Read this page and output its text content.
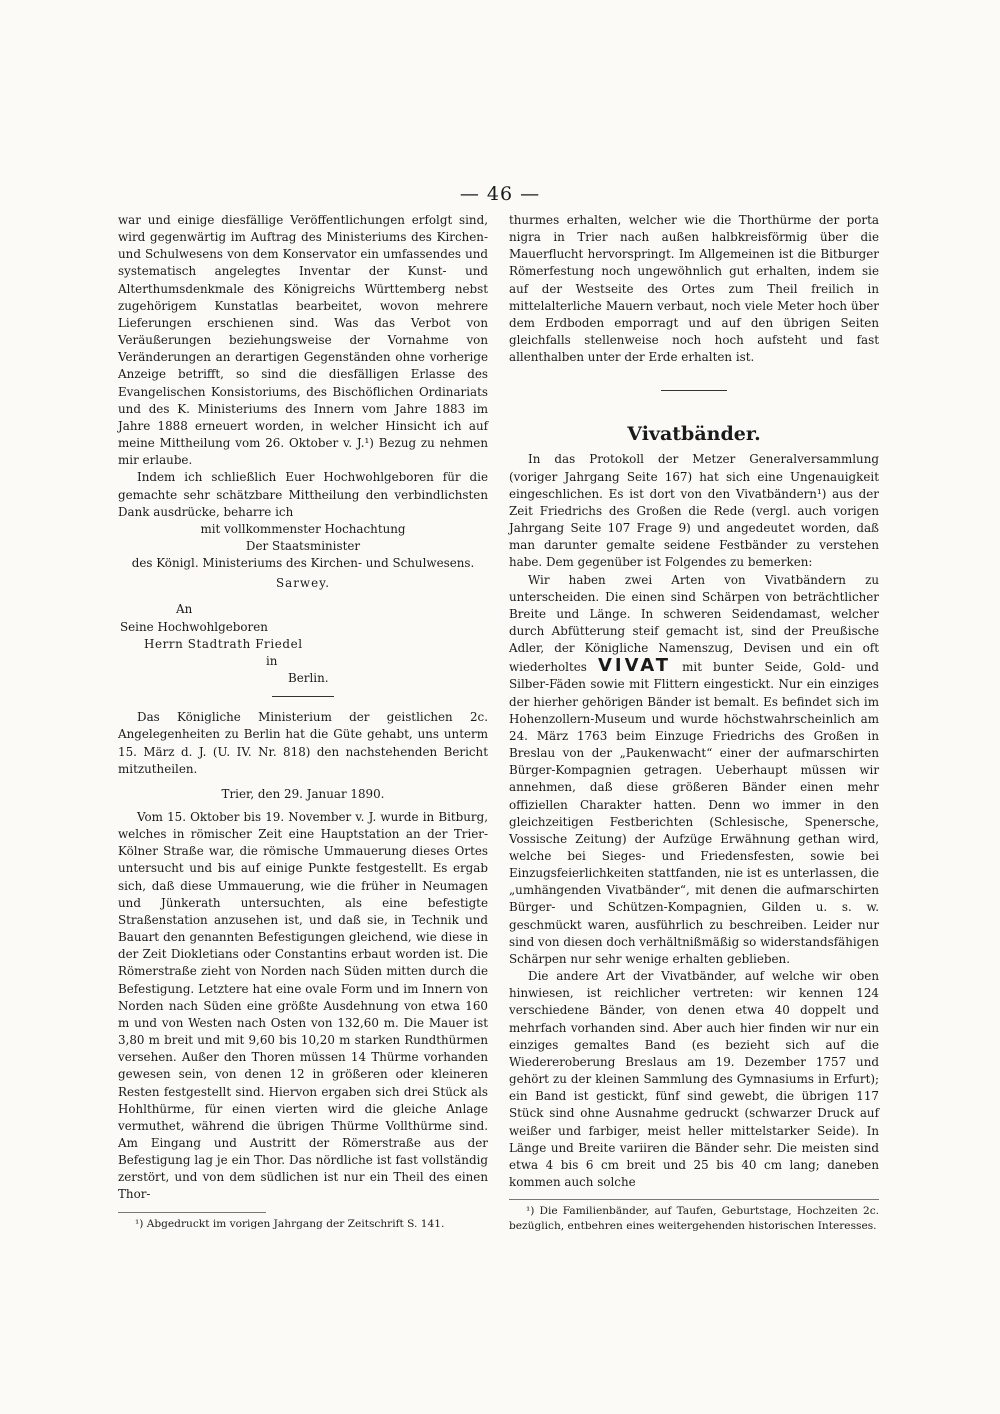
— 46 —

war und einige diesfällige Veröffentlichungen erfolgt sind, wird gegenwärtig im Auftrag des Ministeriums des Kirchen- und Schulwesens von dem Konservator ein umfassendes und systematisch angelegtes Inventar der Kunst- und Alterthumsdenkmale des Königreichs Württemberg nebst zugehörigem Kunstatlas bearbeitet, wovon mehrere Lieferungen erschienen sind. Was das Verbot von Veräußerungen beziehungsweise der Vornahme von Veränderungen an derartigen Gegenständen ohne vorherige Anzeige betrifft, so sind die diesfälligen Erlasse des Evangelischen Konsistoriums, des Bischöflichen Ordinariats und des K. Ministeriums des Innern vom Jahre 1883 im Jahre 1888 erneuert worden, in welcher Hinsicht ich auf meine Mittheilung vom 26. Oktober v. J.¹) Bezug zu nehmen mir erlaube.

Indem ich schließlich Euer Hochwohlgeboren für die gemachte sehr schätzbare Mittheilung den verbindlichsten Dank ausdrücke, beharre ich

mit vollkommenster Hochachtung

Der Staatsminister

des Königl. Ministeriums des Kirchen- und Schulwesens.

Sarwey.

An

Seine Hochwohlgeboren

Herrn Stadtrath Friedel

in

Berlin.

Das Königliche Ministerium der geistlichen 2c. Angelegenheiten zu Berlin hat die Güte gehabt, uns unterm 15. März d. J. (U. IV. Nr. 818) den nachstehenden Bericht mitzutheilen.

Trier, den 29. Januar 1890.

Vom 15. Oktober bis 19. November v. J. wurde in Bitburg, welches in römischer Zeit eine Hauptstation an der Trier-Kölner Straße war, die römische Ummauerung dieses Ortes untersucht und bis auf einige Punkte festgestellt. Es ergab sich, daß diese Ummauerung, wie die früher in Neumagen und Jünkerath untersuchten, als eine befestigte Straßenstation anzusehen ist, und daß sie, in Technik und Bauart den genannten Befestigungen gleichend, wie diese in der Zeit Diokletians oder Constantins erbaut worden ist. Die Römerstraße zieht von Norden nach Süden mitten durch die Befestigung. Letztere hat eine ovale Form und im Innern von Norden nach Süden eine größte Ausdehnung von etwa 160 m und von Westen nach Osten von 132,60 m. Die Mauer ist 3,80 m breit und mit 9,60 bis 10,20 m starken Rundthürmen versehen. Außer den Thoren müssen 14 Thürme vorhanden gewesen sein, von denen 12 in größeren oder kleineren Resten festgestellt sind. Hiervon ergaben sich drei Stück als Hohlthürme, für einen vierten wird die gleiche Anlage vermuthet, während die übrigen Thürme Vollthürme sind. Am Eingang und Austritt der Römerstraße aus der Befestigung lag je ein Thor. Das nördliche ist fast vollständig zerstört, und von dem südlichen ist nur ein Theil des einen Thor-

¹) Abgedruckt im vorigen Jahrgang der Zeitschrift S. 141.

thurmes erhalten, welcher wie die Thorthürme der porta nigra in Trier nach außen halbkreisförmig über die Mauerflucht hervorspringt. Im Allgemeinen ist die Bitburger Römerfestung noch ungewöhnlich gut erhalten, indem sie auf der Westseite des Ortes zum Theil freilich in mittelalterliche Mauern verbaut, noch viele Meter hoch über dem Erdboden emporragt und auf den übrigen Seiten gleichfalls stellenweise noch hoch aufsteht und fast allenthalben unter der Erde erhalten ist.

Vivatbänder.

In das Protokoll der Metzer Generalversammlung (voriger Jahrgang Seite 167) hat sich eine Ungenauigkeit eingeschlichen. Es ist dort von den Vivatbändern¹) aus der Zeit Friedrichs des Großen die Rede (vergl. auch vorigen Jahrgang Seite 107 Frage 9) und angedeutet worden, daß man darunter gemalte seidene Festbänder zu verstehen habe. Dem gegenüber ist Folgendes zu bemerken:

Wir haben zwei Arten von Vivatbändern zu unterscheiden. Die einen sind Schärpen von beträchtlicher Breite und Länge. In schweren Seidendamast, welcher durch Abfütterung steif gemacht ist, sind der Preußische Adler, der Königliche Namenszug, Devisen und ein oft wiederholtes VIVAT mit bunter Seide, Gold- und Silber-Fäden sowie mit Flittern eingestickt. Nur ein einziges der hierher gehörigen Bänder ist bemalt. Es befindet sich im Hohenzollern-Museum und wurde höchstwahrscheinlich am 24. März 1763 beim Einzuge Friedrichs des Großen in Breslau von der „Paukenwacht“ einer der aufmarschirten Bürger-Kompagnien getragen. Ueberhaupt müssen wir annehmen, daß diese größeren Bänder einen mehr offiziellen Charakter hatten. Denn wo immer in den gleichzeitigen Festberichten (Schlesische, Spenersche, Vossische Zeitung) der Aufzüge Erwähnung gethan wird, welche bei Sieges- und Friedensfesten, sowie bei Einzugsfeierlichkeiten stattfanden, nie ist es unterlassen, die „umhängenden Vivatbänder“, mit denen die aufmarschirten Bürger- und Schützen-Kompagnien, Gilden u. s. w. geschmückt waren, ausführlich zu beschreiben. Leider nur sind von diesen doch verhältnißmäßig so widerstandsfähigen Schärpen nur sehr wenige erhalten geblieben.

Die andere Art der Vivatbänder, auf welche wir oben hinwiesen, ist reichlicher vertreten: wir kennen 124 verschiedene Bänder, von denen etwa 40 doppelt und mehrfach vorhanden sind. Aber auch hier finden wir nur ein einziges gemaltes Band (es bezieht sich auf die Wiedereroberung Breslaus am 19. Dezember 1757 und gehört zu der kleinen Sammlung des Gymnasiums in Erfurt); ein Band ist gestickt, fünf sind gewebt, die übrigen 117 Stück sind ohne Ausnahme gedruckt (schwarzer Druck auf weißer und farbiger, meist heller mittelstarker Seide). In Länge und Breite variiren die Bänder sehr. Die meisten sind etwa 4 bis 6 cm breit und 25 bis 40 cm lang; daneben kommen auch solche

¹) Die Familienbänder, auf Taufen, Geburtstage, Hochzeiten 2c. bezüglich, entbehren eines weitergehenden historischen Interesses.
